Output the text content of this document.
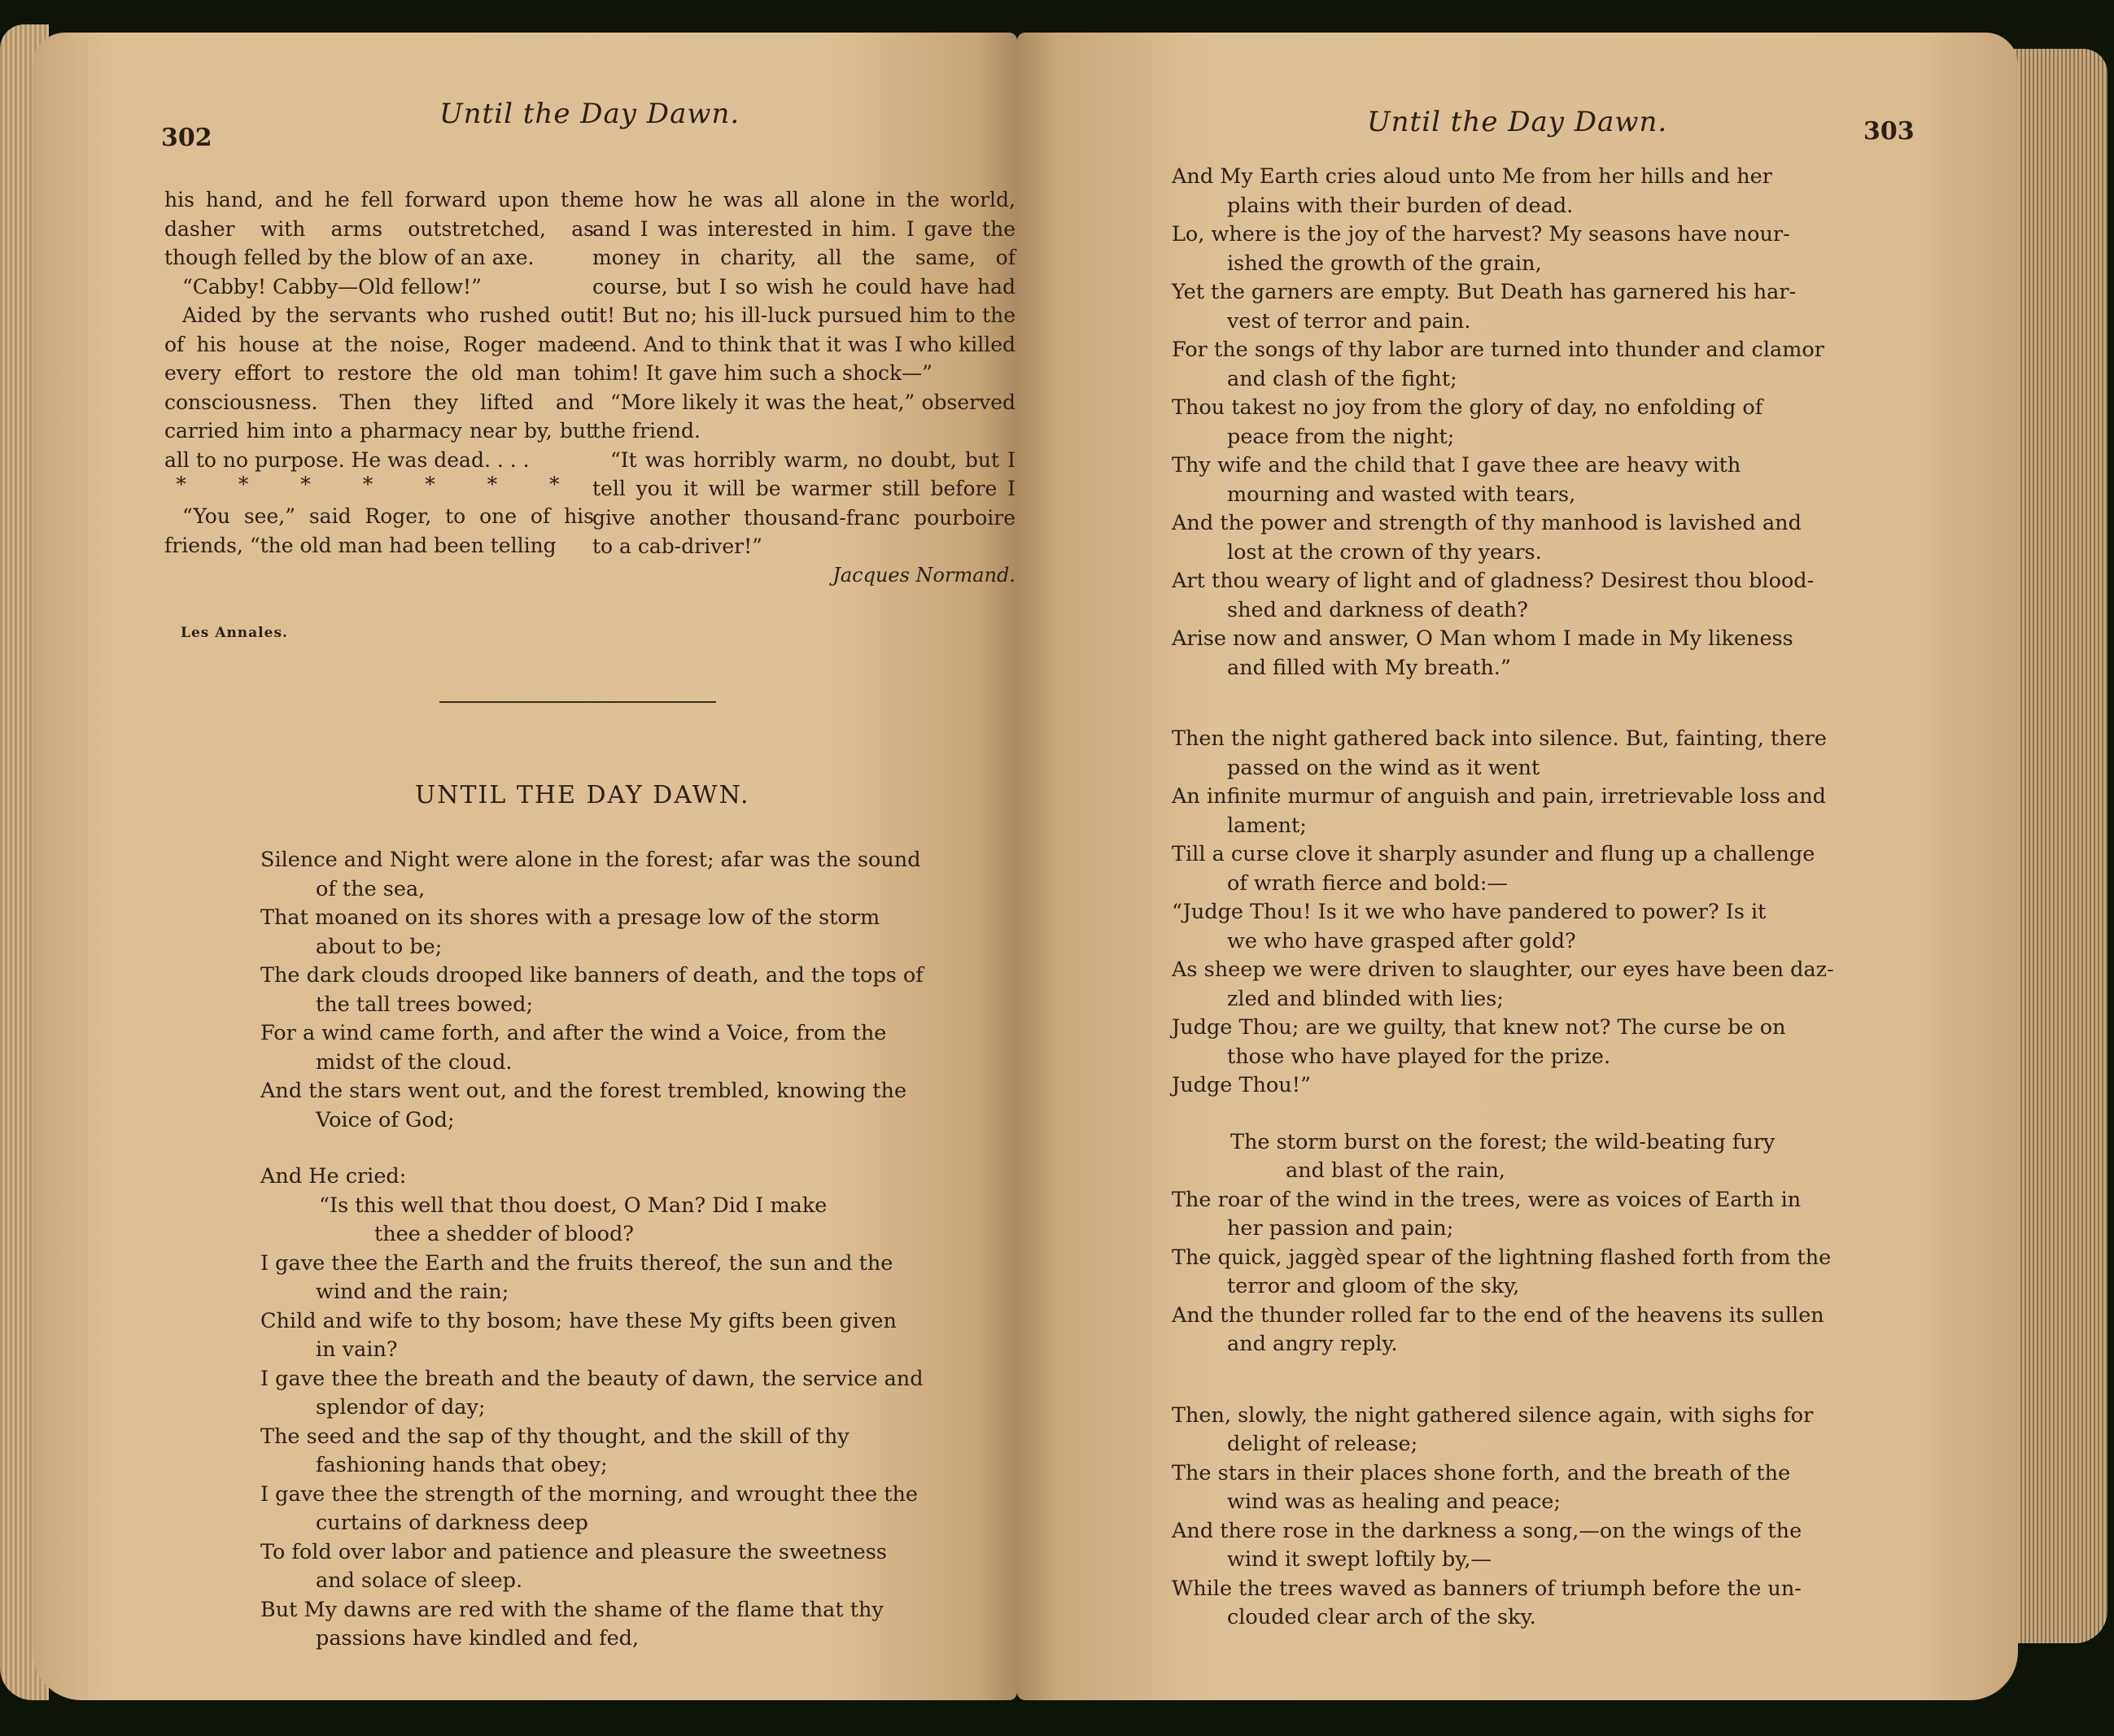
302
Until the Day Dawn.

his hand, and he fell forward upon the dasher with arms outstretched, as though felled by the blow of an axe.

“Cabby! Cabby—Old fellow!”

Aided by the servants who rushed out of his house at the noise, Roger made every effort to restore the old man to consciousness. Then they lifted and carried him into a pharmacy near by, but all to no purpose. He was dead. . . .

* * * * * * *

“You see,” said Roger, to one of his friends, “the old man had been telling

me how he was all alone in the world, and I was interested in him. I gave the money in charity, all the same, of course, but I so wish he could have had it! But no; his ill-luck pursued him to the end. And to think that it was I who killed him! It gave him such a shock—”

“More likely it was the heat,” observed the friend.

“It was horribly warm, no doubt, but I tell you it will be warmer still before I give another thousand-franc pourboire to a cab-driver!”

Jacques Normand.

Les Annales.
UNTIL THE DAY DAWN.

Silence and Night were alone in the forest; afar was the sound
of the sea,

That moaned on its shores with a presage low of the storm
about to be;

The dark clouds drooped like banners of death, and the tops of
the tall trees bowed;

For a wind came forth, and after the wind a Voice, from the
midst of the cloud.

And the stars went out, and the forest trembled, knowing the
Voice of God;

And He cried:

“Is this well that thou doest, O Man? Did I make
thee a shedder of blood?

I gave thee the Earth and the fruits thereof, the sun and the
wind and the rain;

Child and wife to thy bosom; have these My gifts been given
in vain?

I gave thee the breath and the beauty of dawn, the service and
splendor of day;

The seed and the sap of thy thought, and the skill of thy
fashioning hands that obey;

I gave thee the strength of the morning, and wrought thee the
curtains of darkness deep

To fold over labor and patience and pleasure the sweetness
and solace of sleep.

But My dawns are red with the shame of the flame that thy
passions have kindled and fed,

Until the Day Dawn.	303

And My Earth cries aloud unto Me from her hills and her
plains with their burden of dead.

Lo, where is the joy of the harvest? My seasons have nour-
ished the growth of the grain,

Yet the garners are empty. But Death has garnered his har-
vest of terror and pain.

For the songs of thy labor are turned into thunder and clamor
and clash of the fight;

Thou takest no joy from the glory of day, no enfolding of
peace from the night;

Thy wife and the child that I gave thee are heavy with
mourning and wasted with tears,

And the power and strength of thy manhood is lavished and
lost at the crown of thy years.

Art thou weary of light and of gladness? Desirest thou blood-
shed and darkness of death?

Arise now and answer, O Man whom I made in My likeness
and filled with My breath.”

Then the night gathered back into silence. But, fainting, there
passed on the wind as it went

An infinite murmur of anguish and pain, irretrievable loss and
lament;

Till a curse clove it sharply asunder and flung up a challenge
of wrath fierce and bold:—

“Judge Thou! Is it we who have pandered to power? Is it
we who have grasped after gold?

As sheep we were driven to slaughter, our eyes have been daz-
zled and blinded with lies;

Judge Thou; are we guilty, that knew not? The curse be on
those who have played for the prize.

Judge Thou!”

The storm burst on the forest; the wild-beating fury
and blast of the rain,

The roar of the wind in the trees, were as voices of Earth in
her passion and pain;

The quick, jaggèd spear of the lightning flashed forth from the
terror and gloom of the sky,

And the thunder rolled far to the end of the heavens its sullen
and angry reply.

Then, slowly, the night gathered silence again, with sighs for
delight of release;

The stars in their places shone forth, and the breath of the
wind was as healing and peace;

And there rose in the darkness a song,—on the wings of the
wind it swept loftily by,—

While the trees waved as banners of triumph before the un-
clouded clear arch of the sky.
